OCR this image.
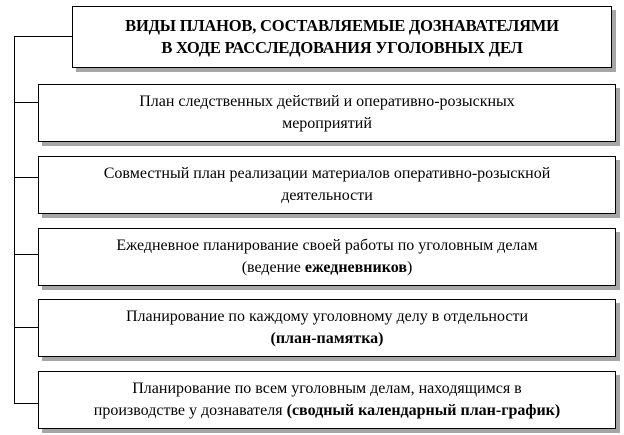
ВИДЫ ПЛАНОВ, СОСТАВЛЯЕМЫЕ ДОЗНАВАТЕЛЯМИ
В ХОДЕ РАССЛЕДОВАНИЯ УГОЛОВНЫХ ДЕЛ
План следственных действий и оперативно-розыскных
мероприятий
Совместный план реализации материалов оперативно-розыскной
деятельности
Ежедневное планирование своей работы по уголовным делам
(ведение ежедневников)
Планирование по каждому уголовному делу в отдельности
(план-памятка)
Планирование по всем уголовным делам, находящимся в
производстве у дознавателя (сводный календарный план-график)
